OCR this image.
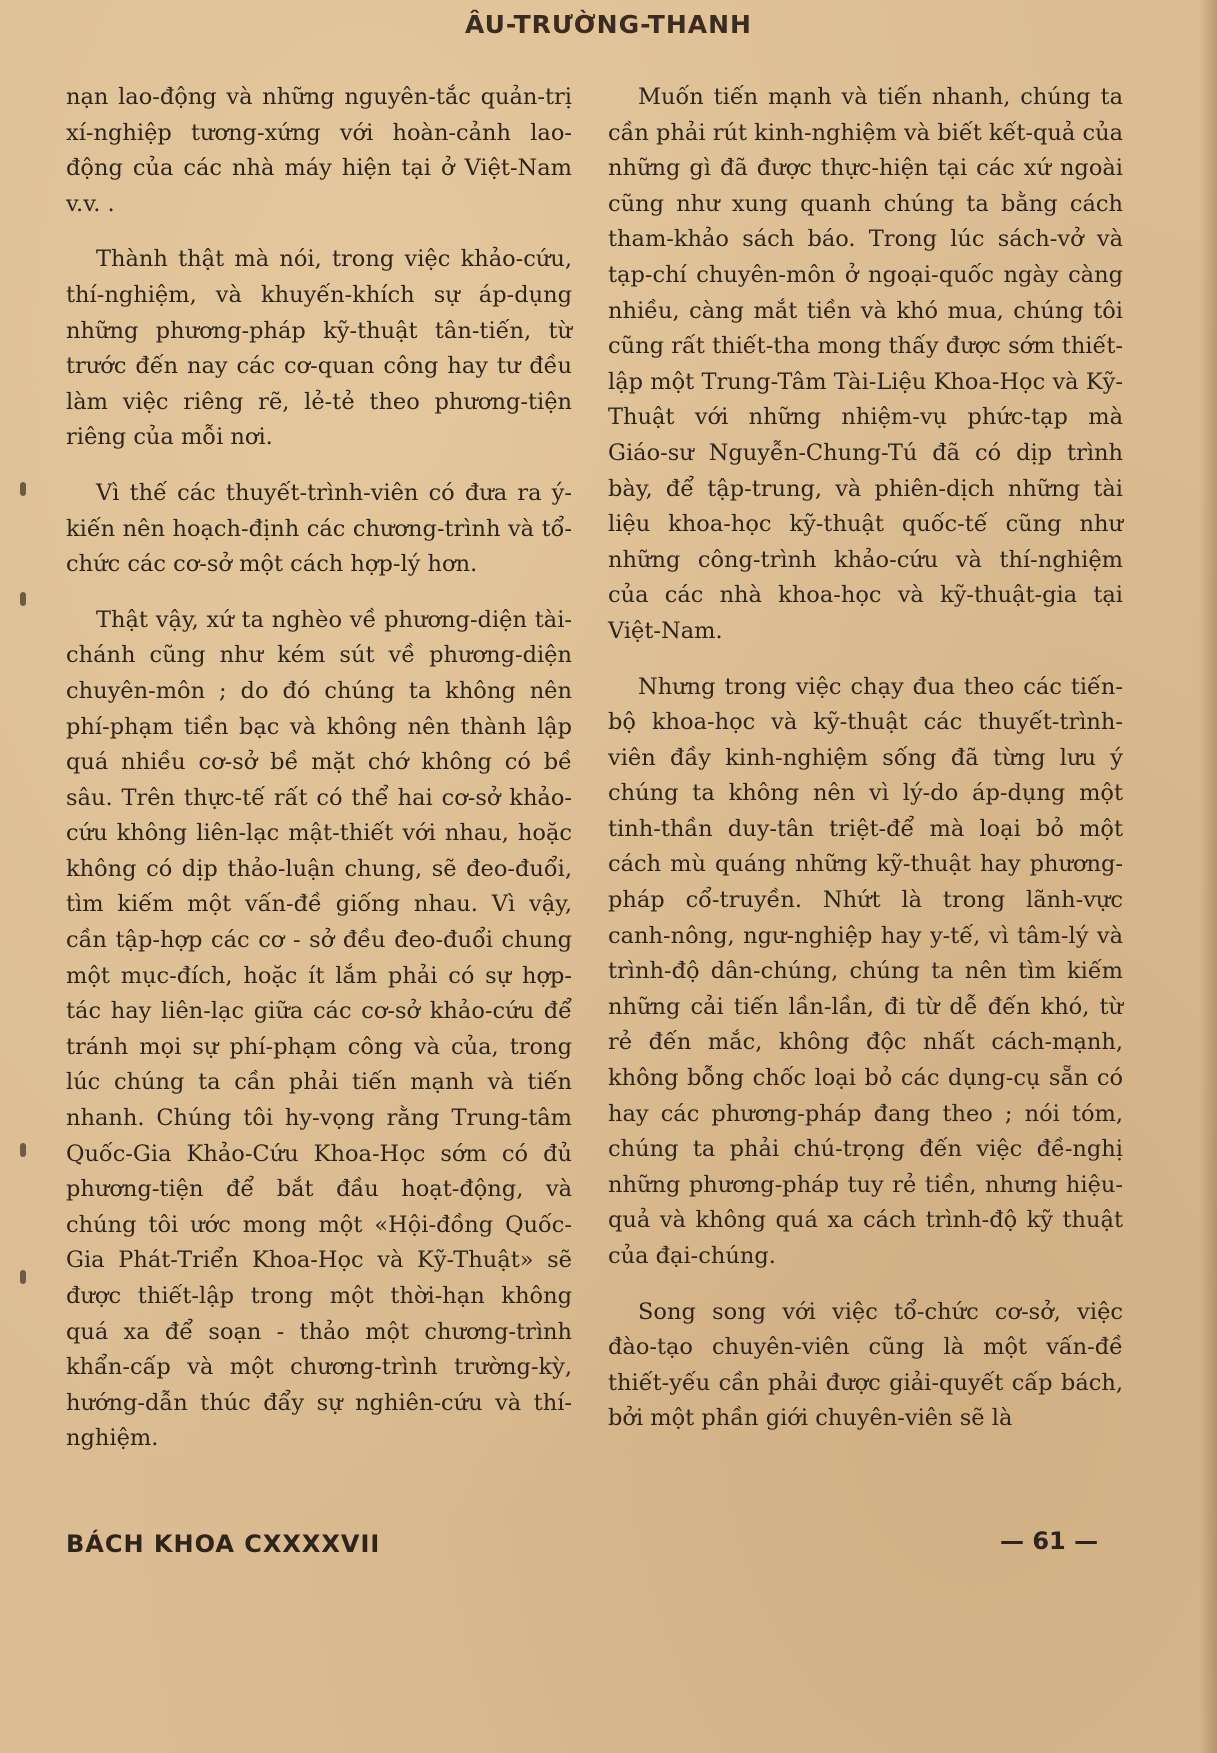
ÂU-TRƯỜNG-THANH

nạn lao-động và những nguyên-tắc quản-trị xí-nghiệp tương-xứng với hoàn-cảnh lao-động của các nhà máy hiện tại ở Việt-Nam v.v. .

Thành thật mà nói, trong việc khảo-cứu, thí-nghiệm, và khuyến-khích sự áp-dụng những phương-pháp kỹ-thuật tân-tiến, từ trước đến nay các cơ-quan công hay tư đều làm việc riêng rẽ, lẻ-tẻ theo phương-tiện riêng của mỗi nơi.

Vì thế các thuyết-trình-viên có đưa ra ý-kiến nên hoạch-định các chương-trình và tổ-chức các cơ-sở một cách hợp-lý hơn.

Thật vậy, xứ ta nghèo về phương-diện tài-chánh cũng như kém sút về phương-diện chuyên-môn ; do đó chúng ta không nên phí-phạm tiền bạc và không nên thành lập quá nhiều cơ-sở bề mặt chớ không có bề sâu. Trên thực-tế rất có thể hai cơ-sở khảo-cứu không liên-lạc mật-thiết với nhau, hoặc không có dịp thảo-luận chung, sẽ đeo-đuổi, tìm kiếm một vấn-đề giống nhau. Vì vậy, cần tập-hợp các cơ - sở đều đeo-đuổi chung một mục-đích, hoặc ít lắm phải có sự hợp-tác hay liên-lạc giữa các cơ-sở khảo-cứu để tránh mọi sự phí-phạm công và của, trong lúc chúng ta cần phải tiến mạnh và tiến nhanh. Chúng tôi hy-vọng rằng Trung-tâm Quốc-Gia Khảo-Cứu Khoa-Học sớm có đủ phương-tiện để bắt đầu hoạt-động, và chúng tôi ước mong một «Hội-đồng Quốc-Gia Phát-Triển Khoa-Học và Kỹ-Thuật» sẽ được thiết-lập trong một thời-hạn không quá xa để soạn - thảo một chương-trình khẩn-cấp và một chương-trình trường-kỳ, hướng-dẫn thúc đẩy sự nghiên-cứu và thí-nghiệm.

Muốn tiến mạnh và tiến nhanh, chúng ta cần phải rút kinh-nghiệm và biết kết-quả của những gì đã được thực-hiện tại các xứ ngoài cũng như xung quanh chúng ta bằng cách tham-khảo sách báo. Trong lúc sách-vở và tạp-chí chuyên-môn ở ngoại-quốc ngày càng nhiều, càng mắt tiền và khó mua, chúng tôi cũng rất thiết-tha mong thấy được sớm thiết-lập một Trung-Tâm Tài-Liệu Khoa-Học và Kỹ-Thuật với những nhiệm-vụ phức-tạp mà Giáo-sư Nguyễn-Chung-Tú đã có dịp trình bày, để tập-trung, và phiên-dịch những tài liệu khoa-học kỹ-thuật quốc-tế cũng như những công-trình khảo-cứu và thí-nghiệm của các nhà khoa-học và kỹ-thuật-gia tại Việt-Nam.

Nhưng trong việc chạy đua theo các tiến-bộ khoa-học và kỹ-thuật các thuyết-trình-viên đầy kinh-nghiệm sống đã từng lưu ý chúng ta không nên vì lý-do áp-dụng một tinh-thần duy-tân triệt-để mà loại bỏ một cách mù quáng những kỹ-thuật hay phương-pháp cổ-truyền. Nhứt là trong lãnh-vực canh-nông, ngư-nghiệp hay y-tế, vì tâm-lý và trình-độ dân-chúng, chúng ta nên tìm kiếm những cải tiến lần-lần, đi từ dễ đến khó, từ rẻ đến mắc, không độc nhất cách-mạnh, không bỗng chốc loại bỏ các dụng-cụ sẵn có hay các phương-pháp đang theo ; nói tóm, chúng ta phải chú-trọng đến việc đề-nghị những phương-pháp tuy rẻ tiền, nhưng hiệu-quả và không quá xa cách trình-độ kỹ thuật của đại-chúng.

Song song với việc tổ-chức cơ-sở, việc đào-tạo chuyên-viên cũng là một vấn-đề thiết-yếu cần phải được giải-quyết cấp bách, bởi một phần giới chuyên-viên sẽ là

BÁCH KHOA CXXXXVII	— 61 —
